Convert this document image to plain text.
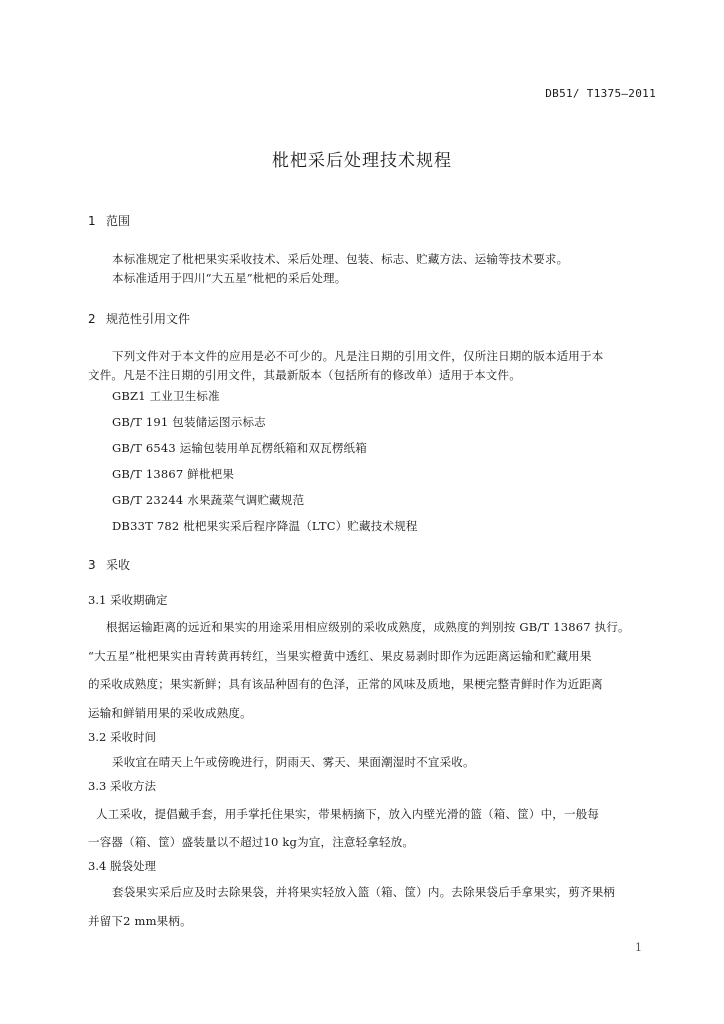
DB51/ T1375—2011
枇杷采后处理技术规程
1 范围
本标准规定了枇杷果实采收技术、采后处理、包装、标志、贮藏方法、运输等技术要求。
本标准适用于四川“大五星”枇杷的采后处理。
2 规范性引用文件
下列文件对于本文件的应用是必不可少的。凡是注日期的引用文件，仅所注日期的版本适用于本
文件。凡是不注日期的引用文件，其最新版本（包括所有的修改单）适用于本文件。
GBZ1 工业卫生标准
GB/T 191 包装储运图示标志
GB/T 6543 运输包装用单瓦楞纸箱和双瓦楞纸箱
GB/T 13867 鲜枇杷果
GB/T 23244 水果蔬菜气调贮藏规范
DB33T 782 枇杷果实采后程序降温（LTC）贮藏技术规程
3 采收
3.1 采收期确定
根据运输距离的远近和果实的用途采用相应级别的采收成熟度，成熟度的判别按 GB/T 13867 执行。
“大五星”枇杷果实由青转黄再转红，当果实橙黄中透红、果皮易剥时即作为远距离运输和贮藏用果
的采收成熟度；果实新鲜；具有该品种固有的色泽，正常的风味及质地，果梗完整青鲜时作为近距离
运输和鲜销用果的采收成熟度。
3.2 采收时间
采收宜在晴天上午或傍晚进行，阴雨天、雾天、果面潮湿时不宜采收。
3.3 采收方法
人工采收，提倡戴手套，用手掌托住果实，带果柄摘下，放入内壁光滑的篮（箱、筐）中，一般每
一容器（箱、筐）盛装量以不超过10 kg为宜，注意轻拿轻放。
3.4 脱袋处理
套袋果实采后应及时去除果袋，并将果实轻放入篮（箱、筐）内。去除果袋后手拿果实，剪齐果柄
并留下2 mm果柄。
1
